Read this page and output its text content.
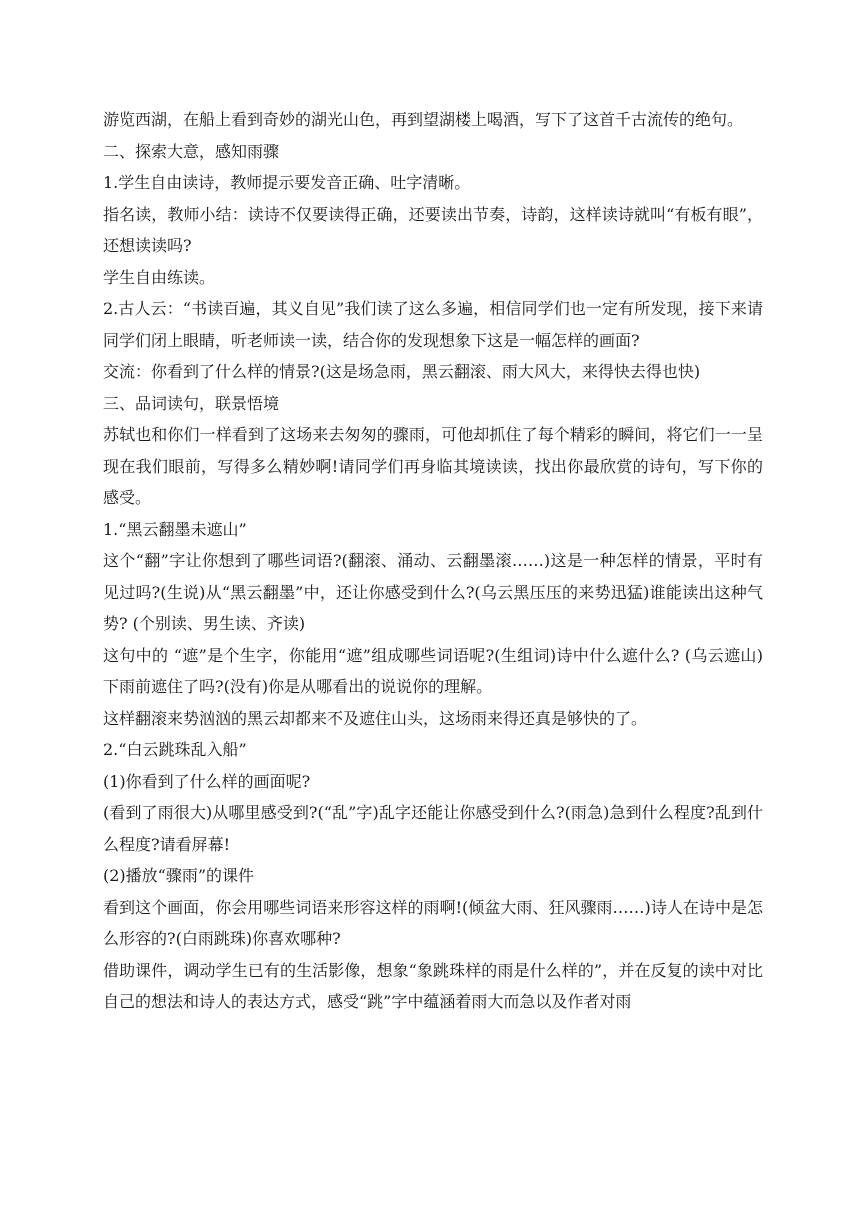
游览西湖，在船上看到奇妙的湖光山色，再到望湖楼上喝酒，写下了这首千古流传的绝句。

二、探索大意，感知雨骤

1.学生自由读诗，教师提示要发音正确、吐字清晰。

指名读，教师小结：读诗不仅要读得正确，还要读出节奏，诗韵，这样读诗就叫“有板有眼”，还想读读吗?

学生自由练读。

2.古人云：“书读百遍，其义自见”我们读了这么多遍，相信同学们也一定有所发现，接下来请同学们闭上眼睛，听老师读一读，结合你的发现想象下这是一幅怎样的画面?

交流：你看到了什么样的情景?(这是场急雨，黑云翻滚、雨大风大，来得快去得也快)

三、品词读句，联景悟境

苏轼也和你们一样看到了这场来去匆匆的骤雨，可他却抓住了每个精彩的瞬间，将它们一一呈现在我们眼前，写得多么精妙啊!请同学们再身临其境读读，找出你最欣赏的诗句，写下你的感受。

1.“黑云翻墨未遮山”

这个“翻”字让你想到了哪些词语?(翻滚、涌动、云翻墨滚……)这是一种怎样的情景，平时有见过吗?(生说)从“黑云翻墨”中，还让你感受到什么?(乌云黑压压的来势迅猛)谁能读出这种气势? (个别读、男生读、齐读)

这句中的 “遮”是个生字，你能用“遮”组成哪些词语呢?(生组词)诗中什么遮什么? (乌云遮山)下雨前遮住了吗?(没有)你是从哪看出的说说你的理解。

这样翻滚来势汹汹的黑云却都来不及遮住山头，这场雨来得还真是够快的了。

2.“白云跳珠乱入船”

(1)你看到了什么样的画面呢?

(看到了雨很大)从哪里感受到?(“乱”字)乱字还能让你感受到什么?(雨急)急到什么程度?乱到什么程度?请看屏幕!

(2)播放“骤雨”的课件

看到这个画面，你会用哪些词语来形容这样的雨啊!(倾盆大雨、狂风骤雨……)诗人在诗中是怎么形容的?(白雨跳珠)你喜欢哪种?

借助课件，调动学生已有的生活影像，想象“象跳珠样的雨是什么样的”，并在反复的读中对比自己的想法和诗人的表达方式，感受“跳”字中蕴涵着雨大而急以及作者对雨
